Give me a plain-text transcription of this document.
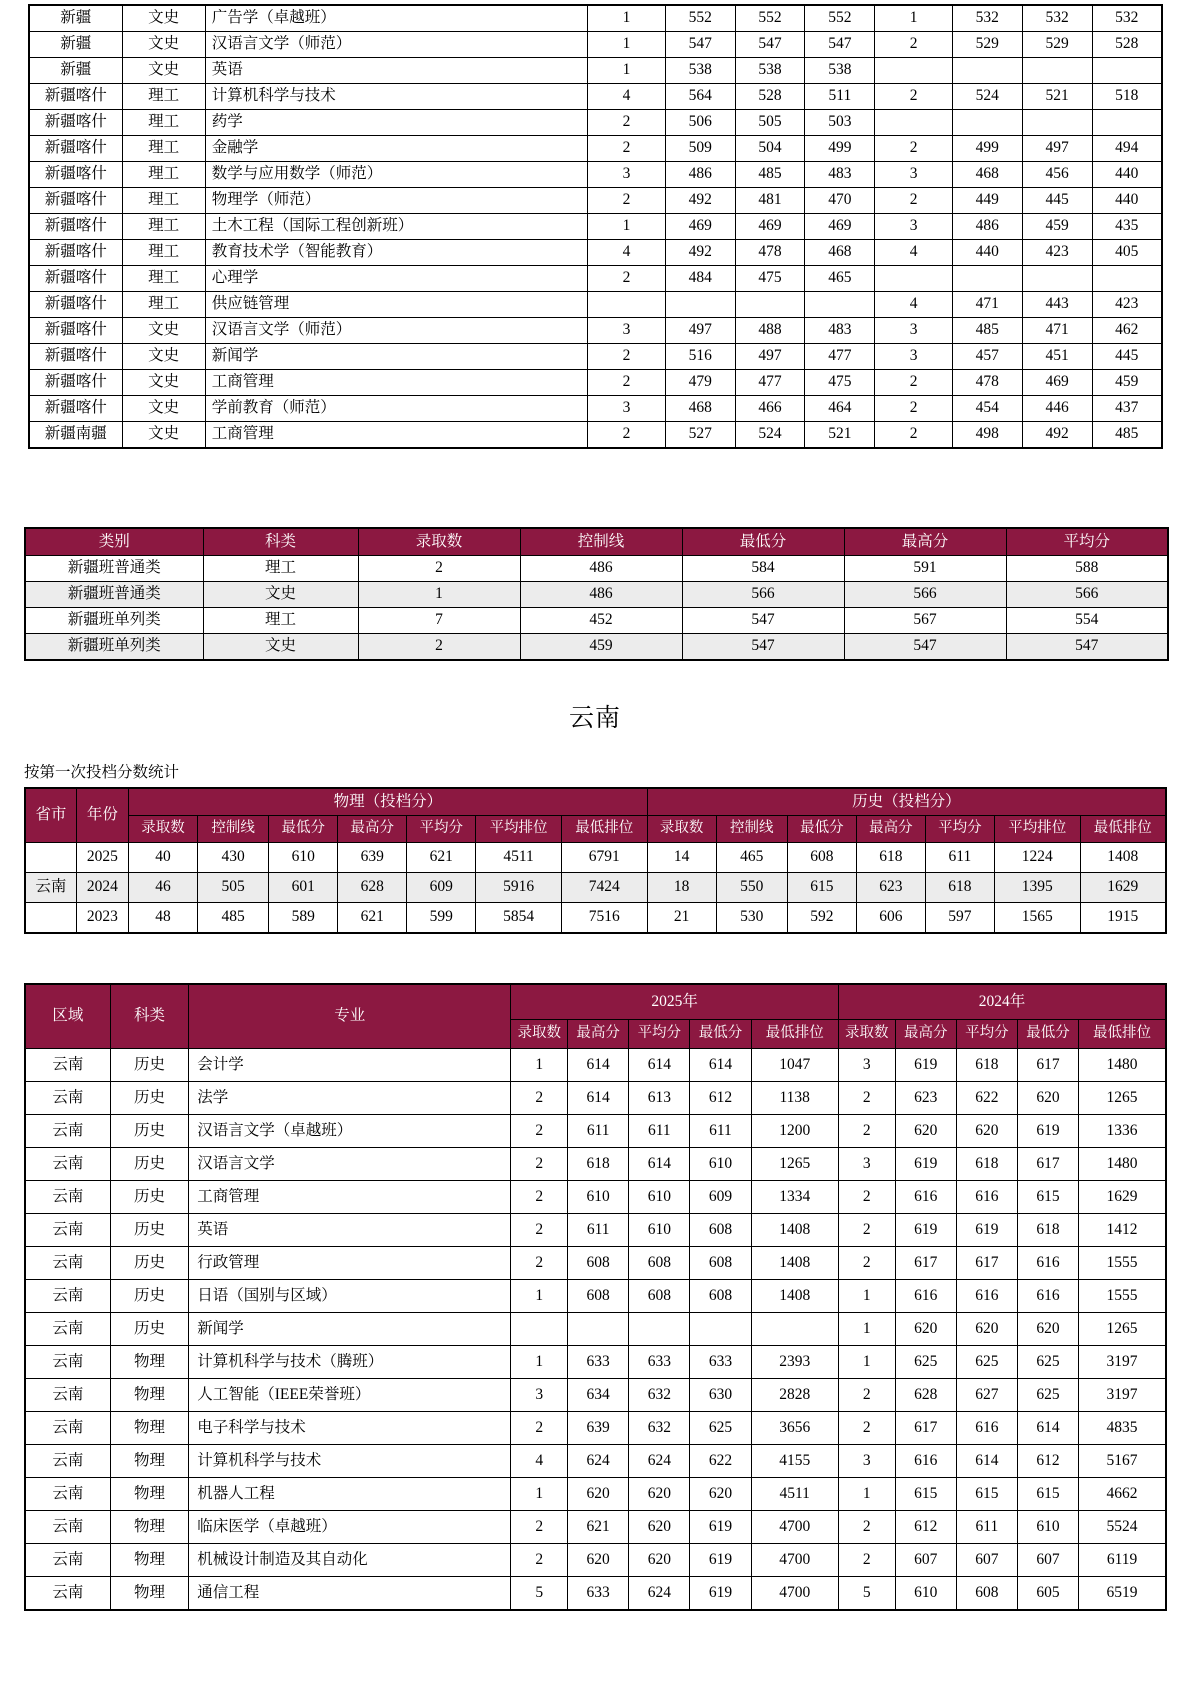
新疆	文史	广告学（卓越班）	1	552	552	552	1	532	532	532
新疆	文史	汉语言文学（师范）	1	547	547	547	2	529	529	528
新疆	文史	英语	1	538	538	538				
新疆喀什	理工	计算机科学与技术	4	564	528	511	2	524	521	518
新疆喀什	理工	药学	2	506	505	503				
新疆喀什	理工	金融学	2	509	504	499	2	499	497	494
新疆喀什	理工	数学与应用数学（师范）	3	486	485	483	3	468	456	440
新疆喀什	理工	物理学（师范）	2	492	481	470	2	449	445	440
新疆喀什	理工	土木工程（国际工程创新班）	1	469	469	469	3	486	459	435
新疆喀什	理工	教育技术学（智能教育）	4	492	478	468	4	440	423	405
新疆喀什	理工	心理学	2	484	475	465				
新疆喀什	理工	供应链管理					4	471	443	423
新疆喀什	文史	汉语言文学（师范）	3	497	488	483	3	485	471	462
新疆喀什	文史	新闻学	2	516	497	477	3	457	451	445
新疆喀什	文史	工商管理	2	479	477	475	2	478	469	459
新疆喀什	文史	学前教育（师范）	3	468	466	464	2	454	446	437
新疆南疆	文史	工商管理	2	527	524	521	2	498	492	485
类别	科类	录取数	控制线	最低分	最高分	平均分
新疆班普通类	理工	2	486	584	591	588
新疆班普通类	文史	1	486	566	566	566
新疆班单列类	理工	7	452	547	567	554
新疆班单列类	文史	2	459	547	547	547
云南
按第一次投档分数统计
省市	年份	物理（投档分）							历史（投档分）						
		录取数	控制线	最低分	最高分	平均分	平均排位	最低排位	录取数	控制线	最低分	最高分	平均分	平均排位	最低排位
	2025	40	430	610	639	621	4511	6791	14	465	608	618	611	1224	1408
云南	2024	46	505	601	628	609	5916	7424	18	550	615	623	618	1395	1629
	2023	48	485	589	621	599	5854	7516	21	530	592	606	597	1565	1915
区域	科类	专业	2025年					2024年				
			录取数	最高分	平均分	最低分	最低排位	录取数	最高分	平均分	最低分	最低排位
云南	历史	会计学	1	614	614	614	1047	3	619	618	617	1480
云南	历史	法学	2	614	613	612	1138	2	623	622	620	1265
云南	历史	汉语言文学（卓越班）	2	611	611	611	1200	2	620	620	619	1336
云南	历史	汉语言文学	2	618	614	610	1265	3	619	618	617	1480
云南	历史	工商管理	2	610	610	609	1334	2	616	616	615	1629
云南	历史	英语	2	611	610	608	1408	2	619	619	618	1412
云南	历史	行政管理	2	608	608	608	1408	2	617	617	616	1555
云南	历史	日语（国别与区域）	1	608	608	608	1408	1	616	616	616	1555
云南	历史	新闻学						1	620	620	620	1265
云南	物理	计算机科学与技术（腾班）	1	633	633	633	2393	1	625	625	625	3197
云南	物理	人工智能（IEEE荣誉班）	3	634	632	630	2828	2	628	627	625	3197
云南	物理	电子科学与技术	2	639	632	625	3656	2	617	616	614	4835
云南	物理	计算机科学与技术	4	624	624	622	4155	3	616	614	612	5167
云南	物理	机器人工程	1	620	620	620	4511	1	615	615	615	4662
云南	物理	临床医学（卓越班）	2	621	620	619	4700	2	612	611	610	5524
云南	物理	机械设计制造及其自动化	2	620	620	619	4700	2	607	607	607	6119
云南	物理	通信工程	5	633	624	619	4700	5	610	608	605	6519
